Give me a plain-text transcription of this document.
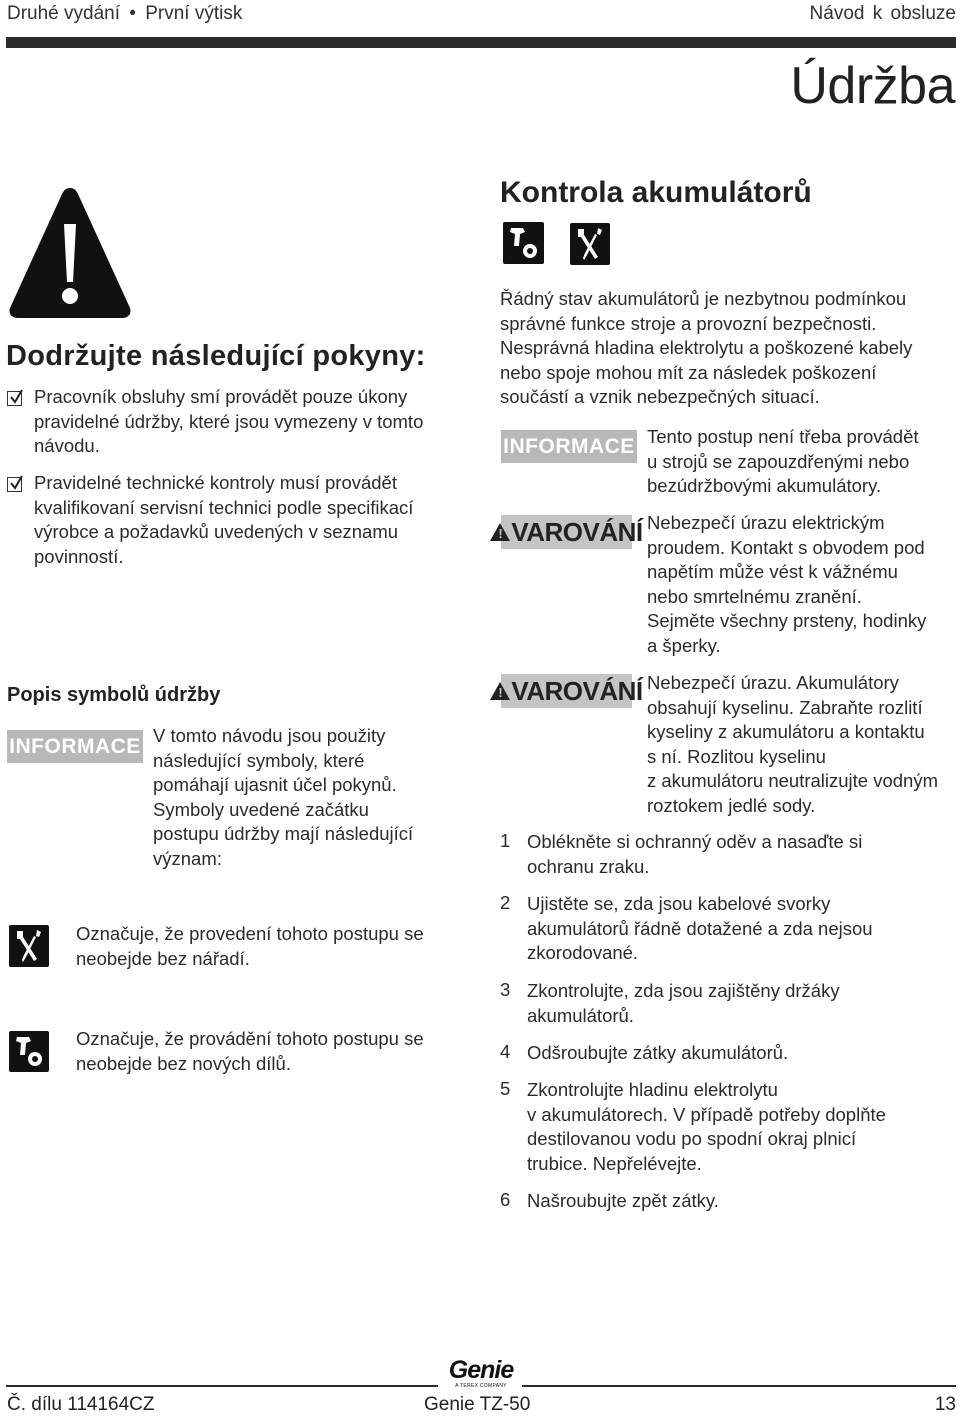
Druhé vydání • První výtisk	Návod k obsluze
Údržba
Dodržujte následující pokyny:
Pracovník obsluhy smí provádět pouze úkony
pravidelné údržby, které jsou vymezeny v tomto
návodu.
Pravidelné technické kontroly musí provádět
kvalifikovaní servisní technici podle specifikací
výrobce a požadavků uvedených v seznamu
povinností.
Popis symbolů údržby
INFORMACE V tomto návodu jsou použity
následující symboly, které
pomáhají ujasnit účel pokynů.
Symboly uvedené začátku
postupu údržby mají následující
význam:
Označuje, že provedení tohoto postupu se
neobejde bez nářadí.
Označuje, že provádění tohoto postupu se
neobejde bez nových dílů.
Kontrola akumulátorů
Řádný stav akumulátorů je nezbytnou podmínkou
správné funkce stroje a provozní bezpečnosti.
Nesprávná hladina elektrolytu a poškozené kabely
nebo spoje mohou mít za následek poškození
součástí a vznik nebezpečných situací.
INFORMACE Tento postup není třeba provádět
u strojů se zapouzdřenými nebo
bezúdržbovými akumulátory.
!
VAROVÁNÍ Nebezpečí úrazu elektrickým
proudem. Kontakt s obvodem pod
napětím může vést k vážnému
nebo smrtelnému zranění.
Sejměte všechny prsteny, hodinky
a šperky.
!
VAROVÁNÍ Nebezpečí úrazu. Akumulátory
obsahují kyselinu. Zabraňte rozlití
kyseliny z akumulátoru a kontaktu
s ní. Rozlitou kyselinu
z akumulátoru neutralizujte vodným
roztokem jedlé sody.
1 Oblékněte si ochranný oděv a nasaďte si
ochranu zraku.
2 Ujistěte se, zda jsou kabelové svorky
akumulátorů řádně dotažené a zda nejsou
zkorodované.
3 Zkontrolujte, zda jsou zajištěny držáky
akumulátorů.
4 Odšroubujte zátky akumulátorů.
5 Zkontrolujte hladinu elektrolytu
v akumulátorech. V případě potřeby doplňte
destilovanou vodu po spodní okraj plnicí
trubice. Nepřelévejte.
6 Našroubujte zpět zátky.
Genie
A TEREX COMPANY
Č. dílu 114164CZ	Genie TZ-50	13
